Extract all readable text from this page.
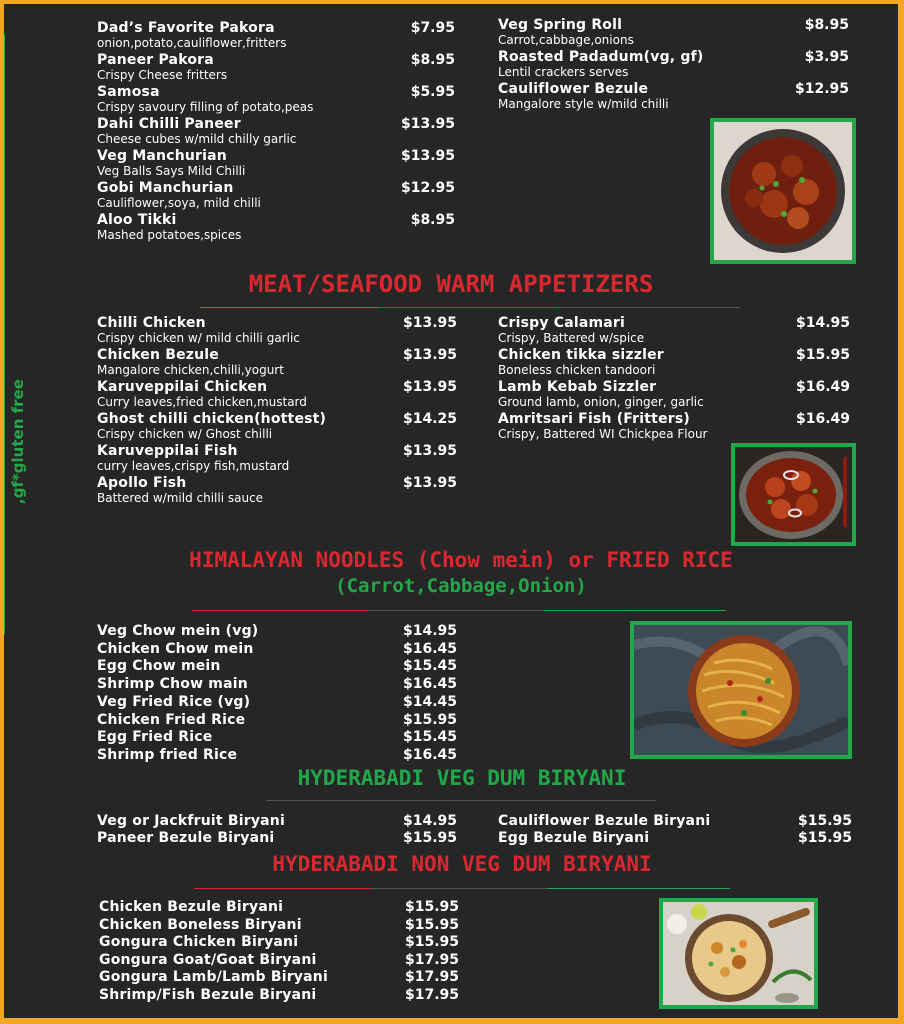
,gf*gluten free
Dad’s Favorite Pakora
onion,potato,cauliflower,fritters
$7.95
Paneer Pakora
Crispy Cheese fritters
$8.95
Samosa
Crispy savoury filling of potato,peas
$5.95
Dahi Chilli Paneer
Cheese cubes w/mild chilly garlic
$13.95
Veg Manchurian
Veg Balls Says Mild Chilli
$13.95
Gobi Manchurian
Cauliflower,soya, mild chilli
$12.95
Aloo Tikki
Mashed potatoes,spices
$8.95
Veg Spring Roll
Carrot,cabbage,onions
$8.95
Roasted Padadum(vg, gf)
Lentil crackers serves
$3.95
Cauliflower Bezule
Mangalore style w/mild chilli
$12.95
MEAT/SEAFOOD WARM APPETIZERS
Chilli Chicken
Crispy chicken w/ mild chilli garlic
$13.95
Chicken Bezule
Mangalore chicken,chilli,yogurt
$13.95
Karuveppilai Chicken
Curry leaves,fried chicken,mustard
$13.95
Ghost chilli chicken(hottest)
Crispy chicken w/ Ghost chilli
$14.25
Karuveppilai Fish
curry leaves,crispy fish,mustard
$13.95
Apollo Fish
Battered w/mild chilli sauce
$13.95
Crispy Calamari
Crispy, Battered w/spice
$14.95
Chicken tikka sizzler
Boneless chicken tandoori
$15.95
Lamb Kebab Sizzler
Ground lamb, onion, ginger, garlic
$16.49
Amritsari Fish (Fritters)
Crispy, Battered WI Chickpea Flour
$16.49
HIMALAYAN NOODLES (Chow mein) or FRIED RICE
(Carrot,Cabbage,Onion)
Veg Chow mein (vg)	$14.95
Chicken Chow mein	$16.45
Egg Chow mein	$15.45
Shrimp Chow main	$16.45
Veg Fried Rice (vg)	$14.45
Chicken Fried Rice	$15.95
Egg Fried Rice	$15.45
Shrimp fried Rice	$16.45
HYDERABADI VEG DUM BIRYANI
Veg or Jackfruit Biryani	$14.95
Paneer Bezule Biryani	$15.95
Cauliflower Bezule Biryani	$15.95
Egg Bezule Biryani	$15.95
HYDERABADI NON VEG DUM BIRYANI
Chicken Bezule Biryani	$15.95
Chicken Boneless Biryani	$15.95
Gongura Chicken Biryani	$15.95
Gongura Goat/Goat Biryani	$17.95
Gongura Lamb/Lamb Biryani	$17.95
Shrimp/Fish Bezule Biryani	$17.95
